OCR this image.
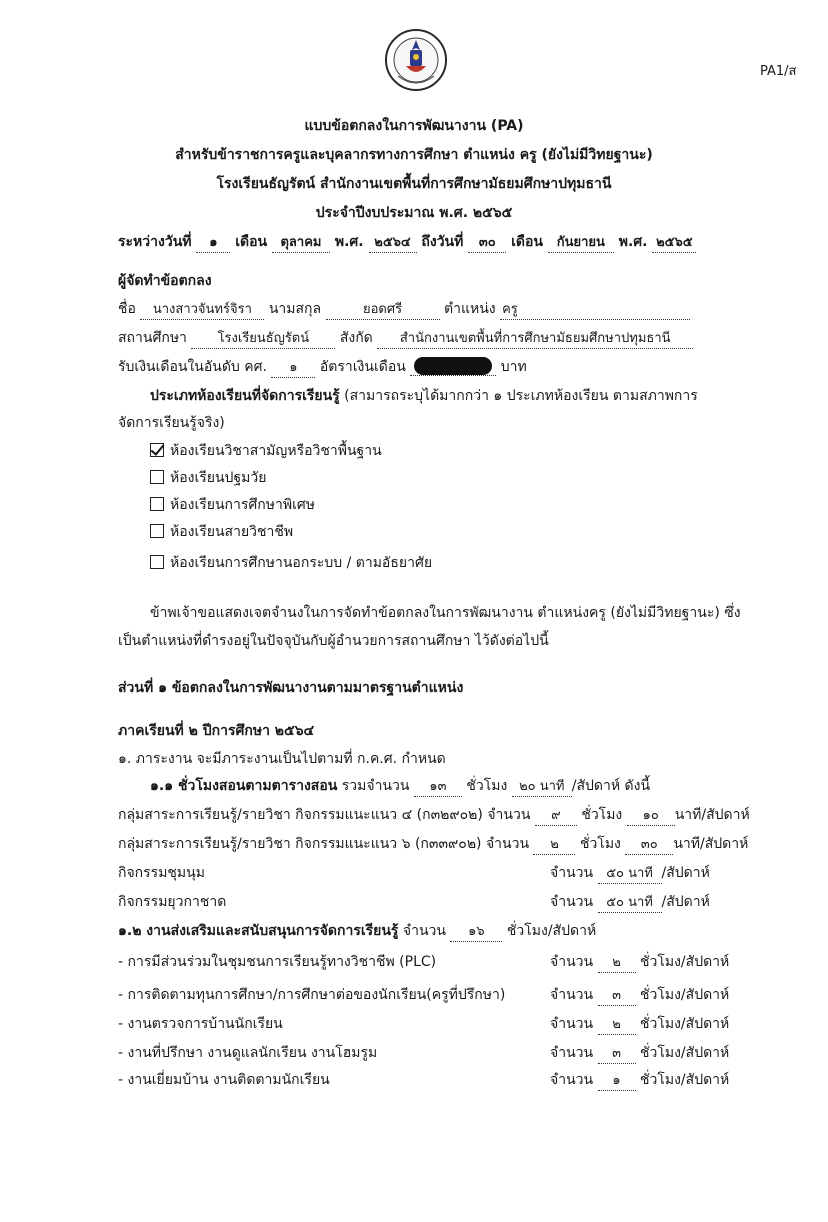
PA1/ส
แบบข้อตกลงในการพัฒนางาน (PA)
สำหรับข้าราชการครูและบุคลากรทางการศึกษา ตำแหน่ง ครู (ยังไม่มีวิทยฐานะ)
โรงเรียนธัญรัตน์ สำนักงานเขตพื้นที่การศึกษามัธยมศึกษาปทุมธานี
ประจำปีงบประมาณ พ.ศ. ๒๕๖๕
ระหว่างวันที่ ๑ เดือน ตุลาคม พ.ศ. ๒๕๖๔ ถึงวันที่ ๓๐ เดือน กันยายน พ.ศ. ๒๕๖๕
ผู้จัดทำข้อตกลง
ชื่อ นางสาวจันทร์จิรา นามสกุล	ยอดศรี	ตำแหน่ง ครู
สถานศึกษา โรงเรียนธัญรัตน์ สังกัด สำนักงานเขตพื้นที่การศึกษามัธยมศึกษาปทุมธานี
รับเงินเดือนในอันดับ คศ. ๑ อัตราเงินเดือน	บาท
ประเภทห้องเรียนที่จัดการเรียนรู้ (สามารถระบุได้มากกว่า ๑ ประเภทห้องเรียน ตามสภาพการ
จัดการเรียนรู้จริง)
ห้องเรียนวิชาสามัญหรือวิชาพื้นฐาน
ห้องเรียนปฐมวัย
ห้องเรียนการศึกษาพิเศษ
ห้องเรียนสายวิชาชีพ
ห้องเรียนการศึกษานอกระบบ / ตามอัธยาศัย
ข้าพเจ้าขอแสดงเจตจำนงในการจัดทำข้อตกลงในการพัฒนางาน ตำแหน่งครู (ยังไม่มีวิทยฐานะ) ซึ่ง
เป็นตำแหน่งที่ดำรงอยู่ในปัจจุบันกับผู้อำนวยการสถานศึกษา ไว้ดังต่อไปนี้
ส่วนที่ ๑ ข้อตกลงในการพัฒนางานตามมาตรฐานตำแหน่ง
ภาคเรียนที่ ๒ ปีการศึกษา ๒๕๖๔
๑. ภาระงาน จะมีภาระงานเป็นไปตามที่ ก.ค.ศ. กำหนด
๑.๑ ชั่วโมงสอนตามตารางสอน รวมจำนวน ๑๓ ชั่วโมง ๒๐ นาที /สัปดาห์ ดังนี้
กลุ่มสาระการเรียนรู้/รายวิชา กิจกรรมแนะแนว ๔ (ก๓๒๙๐๒) จำนวน ๙ ชั่วโมง ๑๐ นาที/สัปดาห์
กลุ่มสาระการเรียนรู้/รายวิชา กิจกรรมแนะแนว ๖ (ก๓๓๙๐๒) จำนวน ๒ ชั่วโมง ๓๐ นาที/สัปดาห์
กิจกรรมชุมนุม	จำนวน ๕๐ นาที /สัปดาห์
กิจกรรมยุวกาชาด	จำนวน ๕๐ นาที /สัปดาห์
๑.๒ งานส่งเสริมและสนับสนุนการจัดการเรียนรู้ จำนวน ๑๖ ชั่วโมง/สัปดาห์
- การมีส่วนร่วมในชุมชนการเรียนรู้ทางวิชาชีพ (PLC)	จำนวน ๒ ชั่วโมง/สัปดาห์
- การติดตามทุนการศึกษา/การศึกษาต่อของนักเรียน(ครูที่ปรึกษา)	จำนวน ๓ ชั่วโมง/สัปดาห์
- งานตรวจการบ้านนักเรียน	จำนวน ๒ ชั่วโมง/สัปดาห์
- งานที่ปรึกษา งานดูแลนักเรียน งานโฮมรูม	จำนวน ๓ ชั่วโมง/สัปดาห์
- งานเยี่ยมบ้าน งานติดตามนักเรียน	จำนวน ๑ ชั่วโมง/สัปดาห์
